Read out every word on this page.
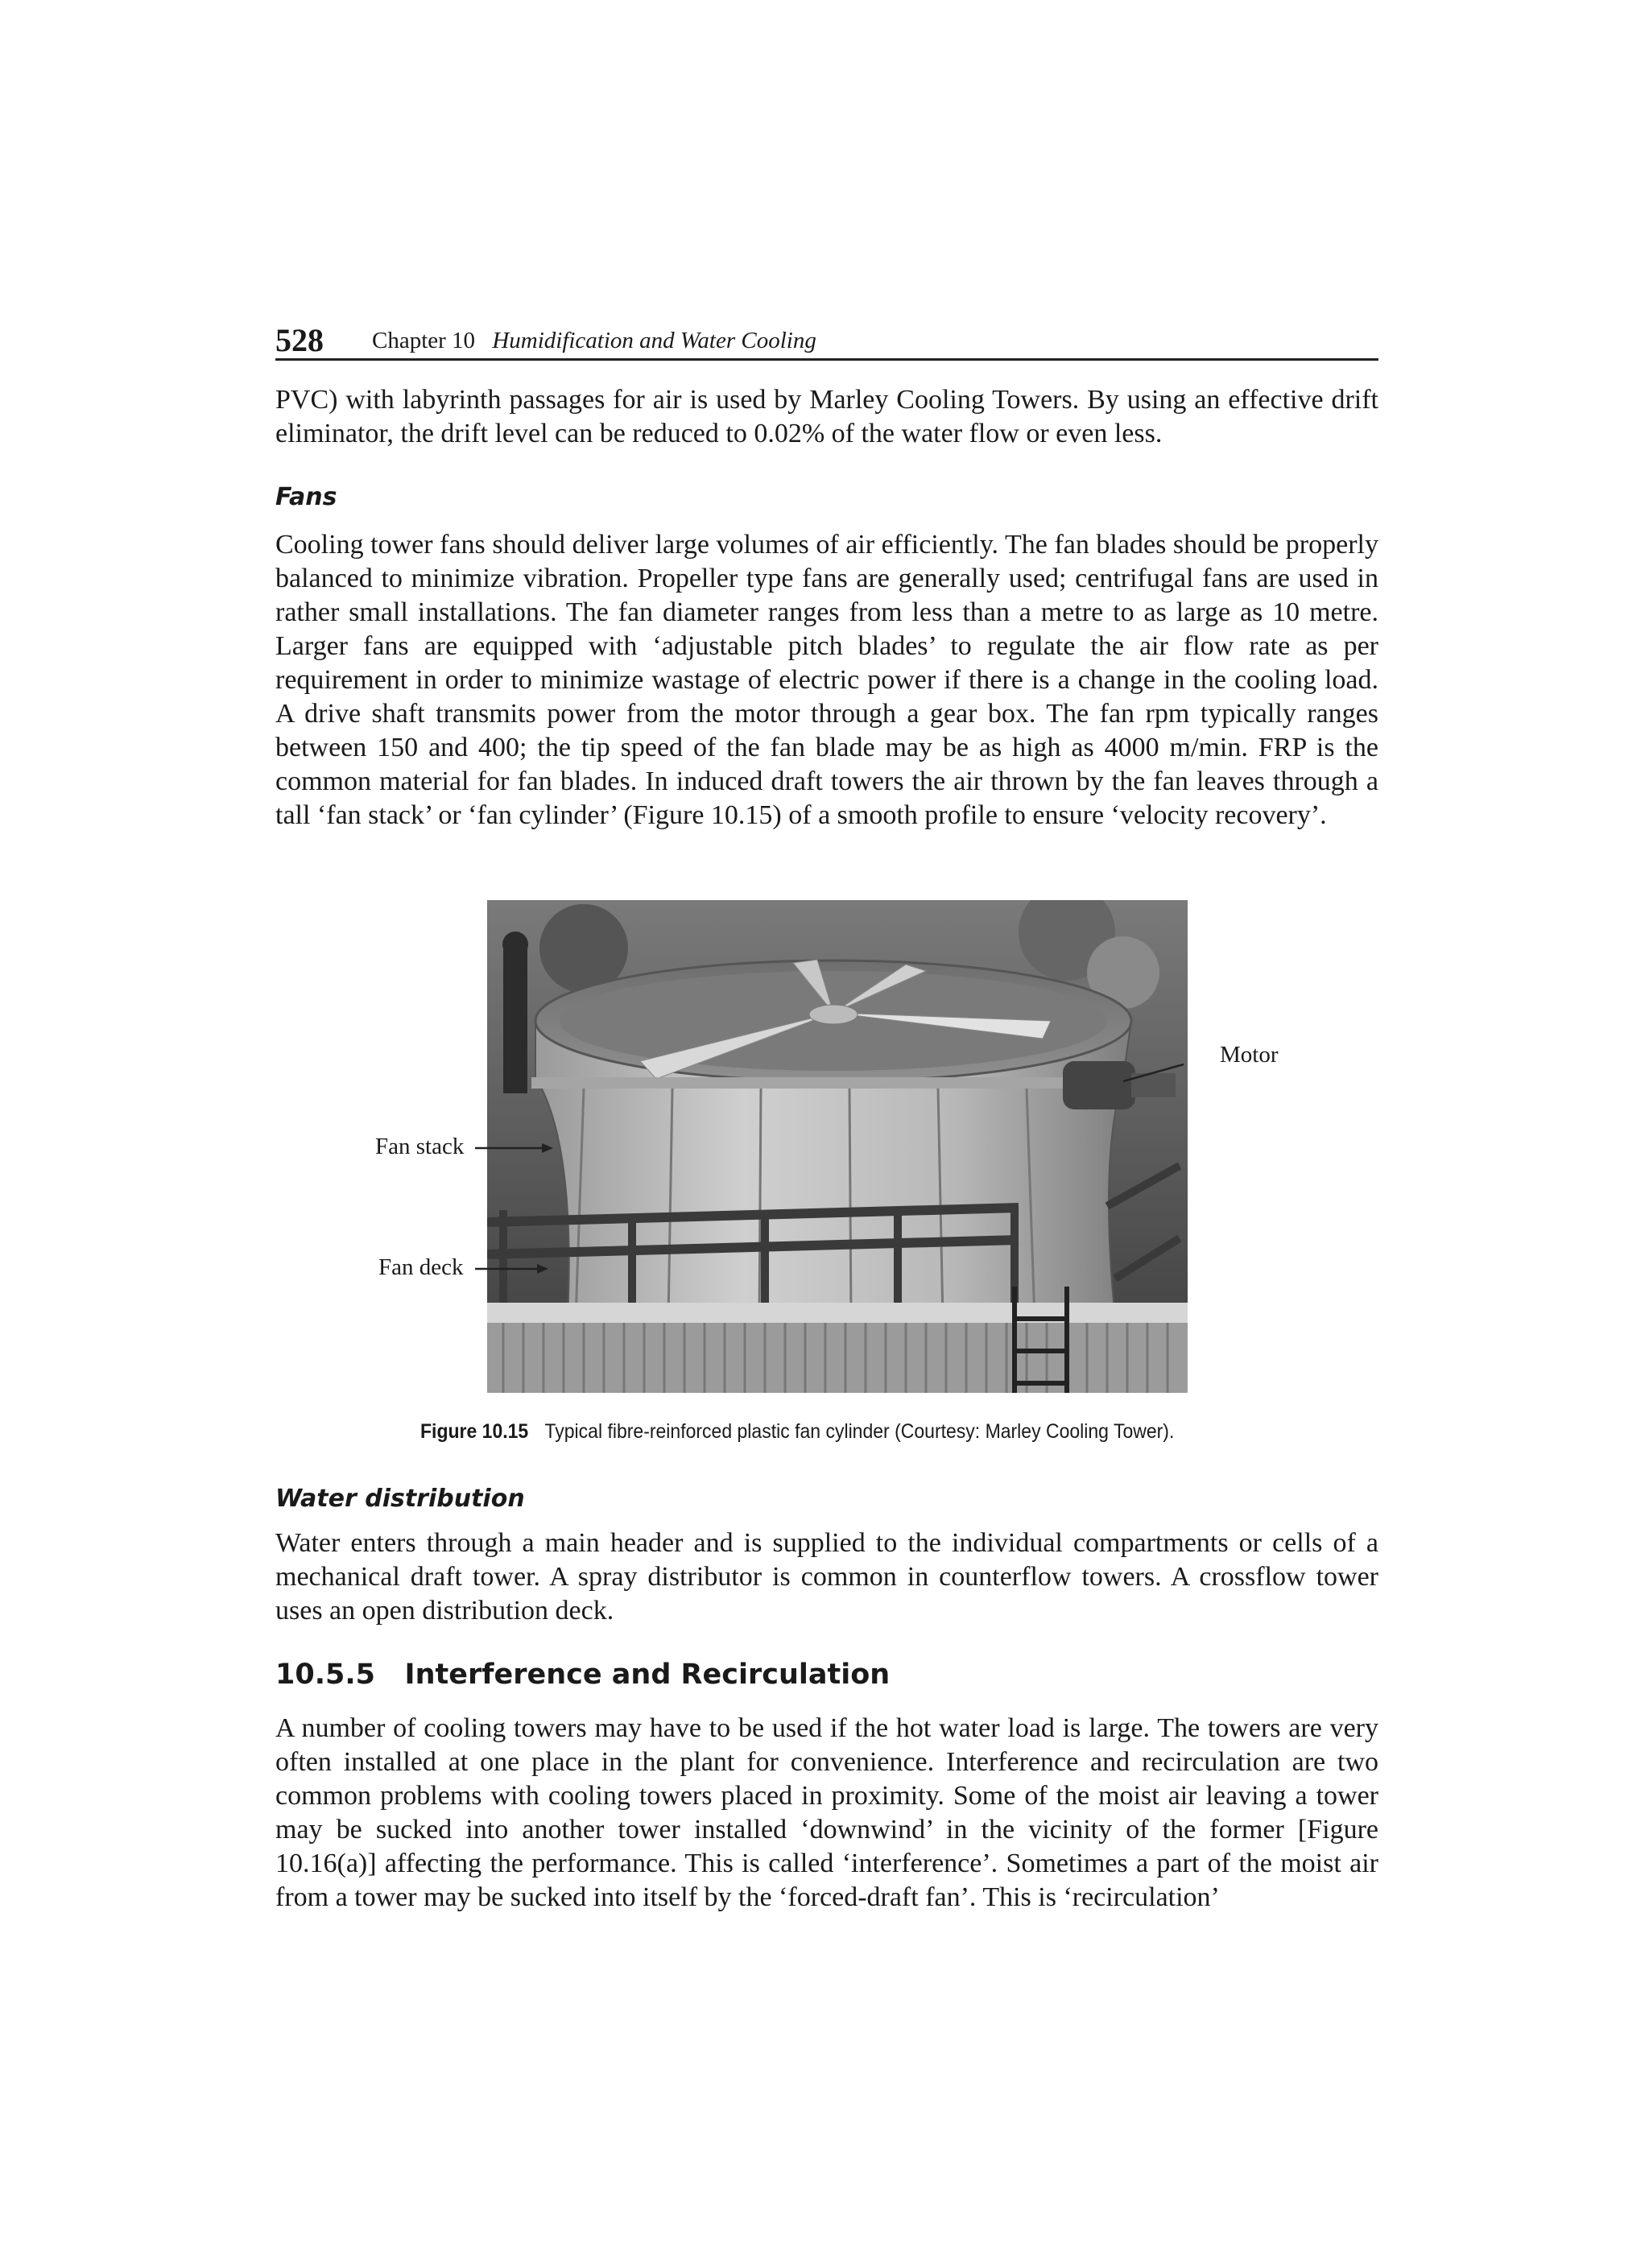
528 Chapter 10 Humidification and Water Cooling

PVC) with labyrinth passages for air is used by Marley Cooling Towers. By using an effective drift eliminator, the drift level can be reduced to 0.02% of the water flow or even less.

Fans

Cooling tower fans should deliver large volumes of air efficiently. The fan blades should be properly balanced to minimize vibration. Propeller type fans are generally used; centrifugal fans are used in rather small installations. The fan diameter ranges from less than a metre to as large as 10 metre. Larger fans are equipped with ‘adjustable pitch blades’ to regulate the air flow rate as per requirement in order to minimize wastage of electric power if there is a change in the cooling load. A drive shaft transmits power from the motor through a gear box. The fan rpm typically ranges between 150 and 400; the tip speed of the fan blade may be as high as 4000 m/min. FRP is the common material for fan blades. In induced draft towers the air thrown by the fan leaves through a tall ‘fan stack’ or ‘fan cylinder’ (Figure 10.15) of a smooth profile to ensure ‘velocity recovery’.

Motor
Fan stack
Fan deck
Figure 10.15 Typical fibre-reinforced plastic fan cylinder (Courtesy: Marley Cooling Tower).
Water distribution

Water enters through a main header and is supplied to the individual compartments or cells of a mechanical draft tower. A spray distributor is common in counterflow towers. A crossflow tower uses an open distribution deck.

10.5.5   Interference and Recirculation

A number of cooling towers may have to be used if the hot water load is large. The towers are very often installed at one place in the plant for convenience. Interference and recirculation are two common problems with cooling towers placed in proximity. Some of the moist air leaving a tower may be sucked into another tower installed ‘downwind’ in the vicinity of the former [Figure 10.16(a)] affecting the performance. This is called ‘interference’. Sometimes a part of the moist air from a tower may be sucked into itself by the ‘forced-draft fan’. This is ‘recirculation’
